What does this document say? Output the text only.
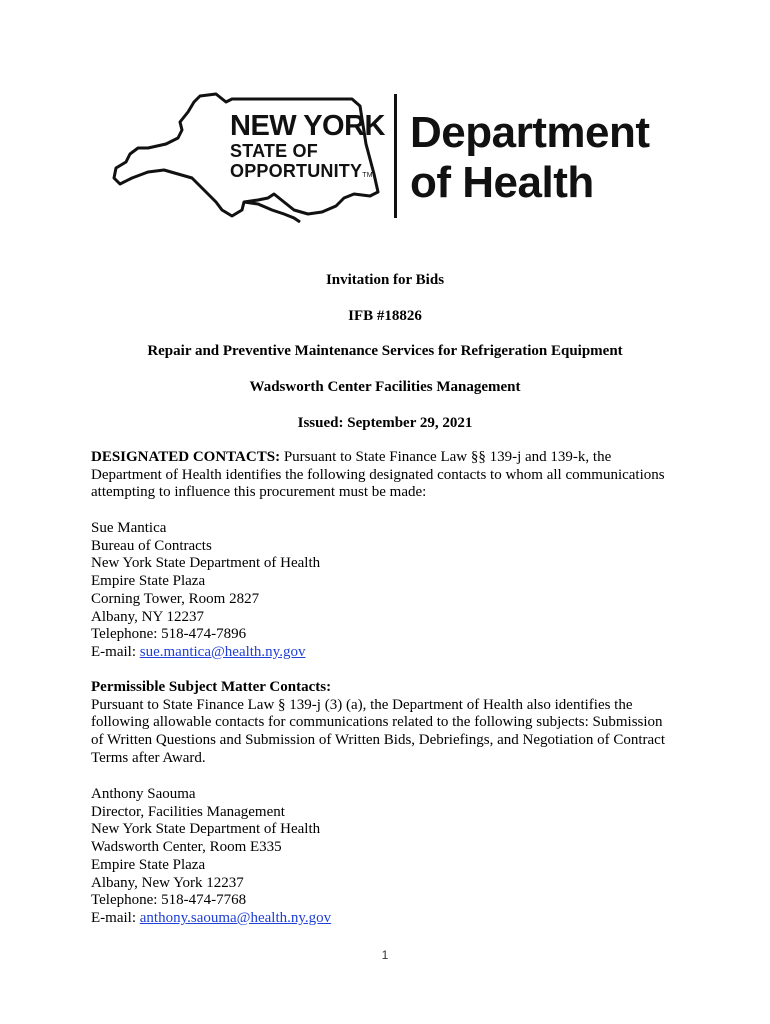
NEW YORK
STATE OF
OPPORTUNITYTM
Department
of Health
Invitation for Bids
IFB #18826
Repair and Preventive Maintenance Services for Refrigeration Equipment
Wadsworth Center Facilities Management
Issued: September 29, 2021
DESIGNATED CONTACTS: Pursuant to State Finance Law §§ 139-j and 139-k, the
Department of Health identifies the following designated contacts to whom all communications
attempting to influence this procurement must be made:
Sue Mantica
Bureau of Contracts
New York State Department of Health
Empire State Plaza
Corning Tower, Room 2827
Albany, NY 12237
Telephone: 518-474-7896
E-mail: sue.mantica@health.ny.gov
Permissible Subject Matter Contacts:
Pursuant to State Finance Law § 139-j (3) (a), the Department of Health also identifies the
following allowable contacts for communications related to the following subjects: Submission
of Written Questions and Submission of Written Bids, Debriefings, and Negotiation of Contract
Terms after Award.
Anthony Saouma
Director, Facilities Management
New York State Department of Health
Wadsworth Center, Room E335
Empire State Plaza
Albany, New York 12237
Telephone: 518-474-7768
E-mail: anthony.saouma@health.ny.gov
1
